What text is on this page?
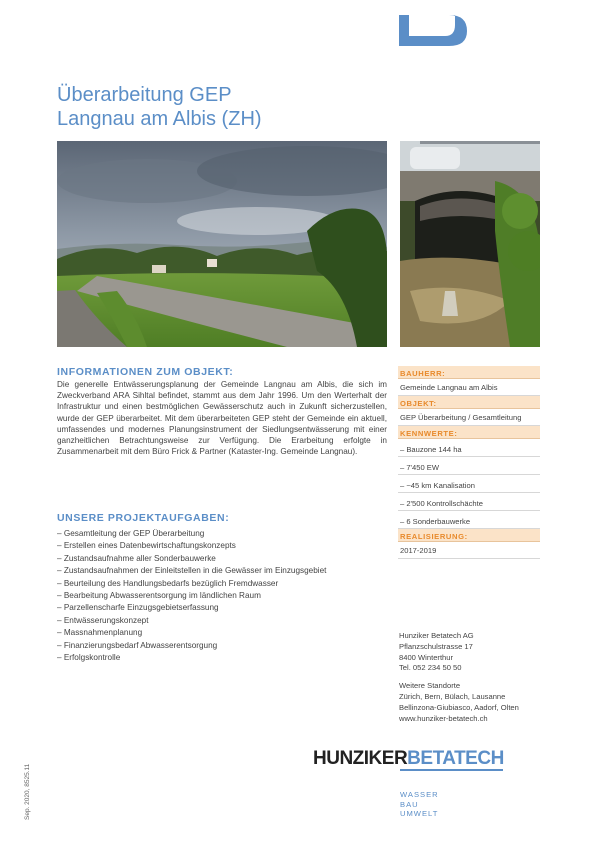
Überarbeitung GEP
Langnau am Albis (ZH)
INFORMATIONEN ZUM OBJEKT:

Die generelle Entwässerungsplanung der Gemeinde Langnau am Albis, die sich im Zweckverband ARA Sihltal befindet, stammt aus dem Jahr 1996. Um den Werterhalt der Infrastruktur und einen bestmöglichen Gewässerschutz auch in Zukunft sicherzustellen, wurde der GEP überarbeitet. Mit dem überarbeiteten GEP steht der Gemeinde ein aktuell, umfassendes und modernes Planungsinstrument der Siedlungsentwässerung mit einer ganzheitlichen Betrachtungsweise zur Verfügung. Die Erarbeitung erfolgte in Zusammenarbeit mit dem Büro Frick & Partner (Kataster-Ing. Gemeinde Langnau).

UNSERE PROJEKTAUFGABEN:
– Gesamtleitung der GEP Überarbeitung
– Erstellen eines Datenbewirtschaftungskonzepts
– Zustandsaufnahme aller Sonderbauwerke
– Zustandsaufnahmen der Einleitstellen in die Gewässer im Einzugsgebiet
– Beurteilung des Handlungsbedarfs bezüglich Fremdwasser
– Bearbeitung Abwasserentsorgung im ländlichen Raum
– Parzellenscharfe Einzugsgebietserfassung
– Entwässerungskonzept
– Massnahmenplanung
– Finanzierungsbedarf Abwasserentsorgung
– Erfolgskontrolle
BAUHERR:
Gemeinde Langnau am Albis
OBJEKT:
GEP Überarbeitung / Gesamtleitung
KENNWERTE:
– Bauzone 144 ha
– 7'450 EW
– ~45 km Kanalisation
– 2'500 Kontrollschächte
– 6 Sonderbauwerke
REALISIERUNG:
2017-2019
Hunziker Betatech AG
Pflanzschulstrasse 17
8400 Winterthur
Tel. 052 234 50 50
Weitere Standorte
Zürich, Bern, Bülach, Lausanne
Bellinzona-Giubiasco, Aadorf, Olten
www.hunziker-betatech.ch
HUNZIKERBETATECH
WASSER
BAU
UMWELT
Sep. 2020, 8525.11
